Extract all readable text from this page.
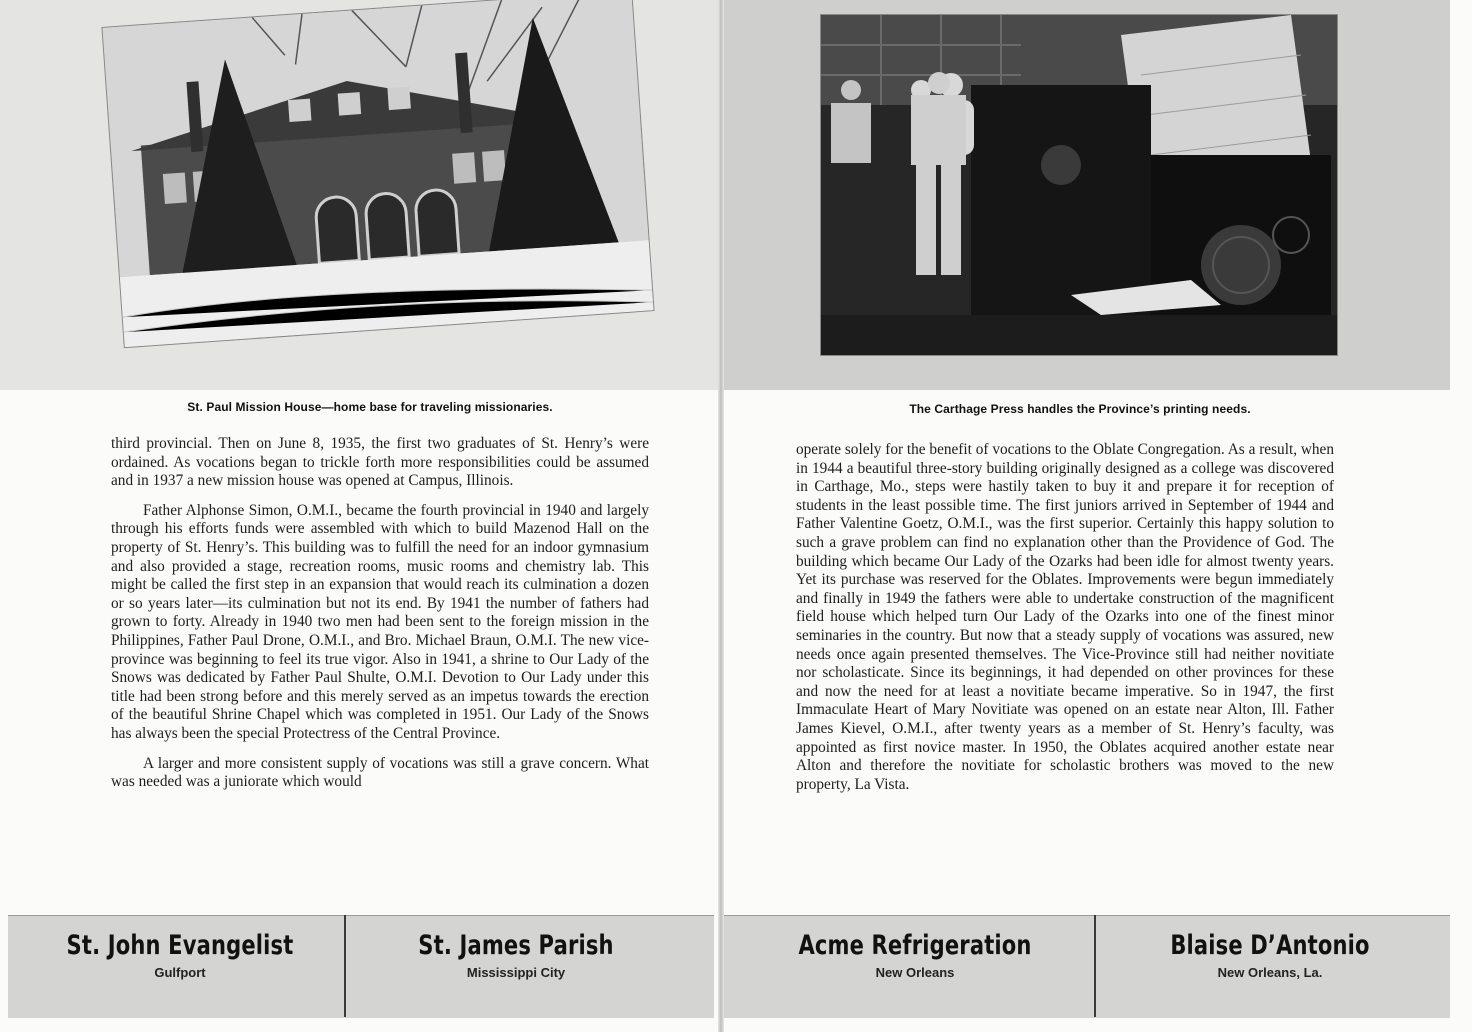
St. Paul Mission House—home base for traveling missionaries.

third provincial. Then on June 8, 1935, the first two graduates of St. Henry’s were ordained. As vocations began to trickle forth more responsibilities could be assumed and in 1937 a new mission house was opened at Campus, Illinois.

Father Alphonse Simon, O.M.I., became the fourth provincial in 1940 and largely through his efforts funds were assembled with which to build Mazenod Hall on the property of St. Henry’s. This building was to fulfill the need for an indoor gymnasium and also provided a stage, recreation rooms, music rooms and chemistry lab. This might be called the first step in an expansion that would reach its culmination a dozen or so years later—its culmination but not its end. By 1941 the number of fathers had grown to forty. Already in 1940 two men had been sent to the foreign mission in the Philippines, Father Paul Drone, O.M.I., and Bro. Michael Braun, O.M.I. The new vice-province was beginning to feel its true vigor. Also in 1941, a shrine to Our Lady of the Snows was dedicated by Father Paul Shulte, O.M.I. Devotion to Our Lady under this title had been strong before and this merely served as an impetus towards the erection of the beautiful Shrine Chapel which was completed in 1951. Our Lady of the Snows has always been the special Protectress of the Central Province.

A larger and more consistent supply of vocations was still a grave concern. What was needed was a juniorate which would

St. John Evangelist
Gulfport
St. James Parish
Mississippi City
The Carthage Press handles the Province’s printing needs.

operate solely for the benefit of vocations to the Oblate Congregation. As a result, when in 1944 a beautiful three-story building originally designed as a college was discovered in Carthage, Mo., steps were hastily taken to buy it and prepare it for reception of students in the least possible time. The first juniors arrived in September of 1944 and Father Valentine Goetz, O.M.I., was the first superior. Certainly this happy solution to such a grave problem can find no explanation other than the Providence of God. The building which became Our Lady of the Ozarks had been idle for almost twenty years. Yet its purchase was reserved for the Oblates. Improvements were begun immediately and finally in 1949 the fathers were able to undertake construction of the magnificent field house which helped turn Our Lady of the Ozarks into one of the finest minor seminaries in the country. But now that a steady supply of vocations was assured, new needs once again presented themselves. The Vice-Province still had neither novitiate nor scholasticate. Since its beginnings, it had depended on other provinces for these and now the need for at least a novitiate became imperative. So in 1947, the first Immaculate Heart of Mary Novitiate was opened on an estate near Alton, Ill. Father James Kievel, O.M.I., after twenty years as a member of St. Henry’s faculty, was appointed as first novice master. In 1950, the Oblates acquired another estate near Alton and therefore the novitiate for scholastic brothers was moved to the new property, La Vista.

Acme Refrigeration
New Orleans
Blaise D’Antonio
New Orleans, La.
